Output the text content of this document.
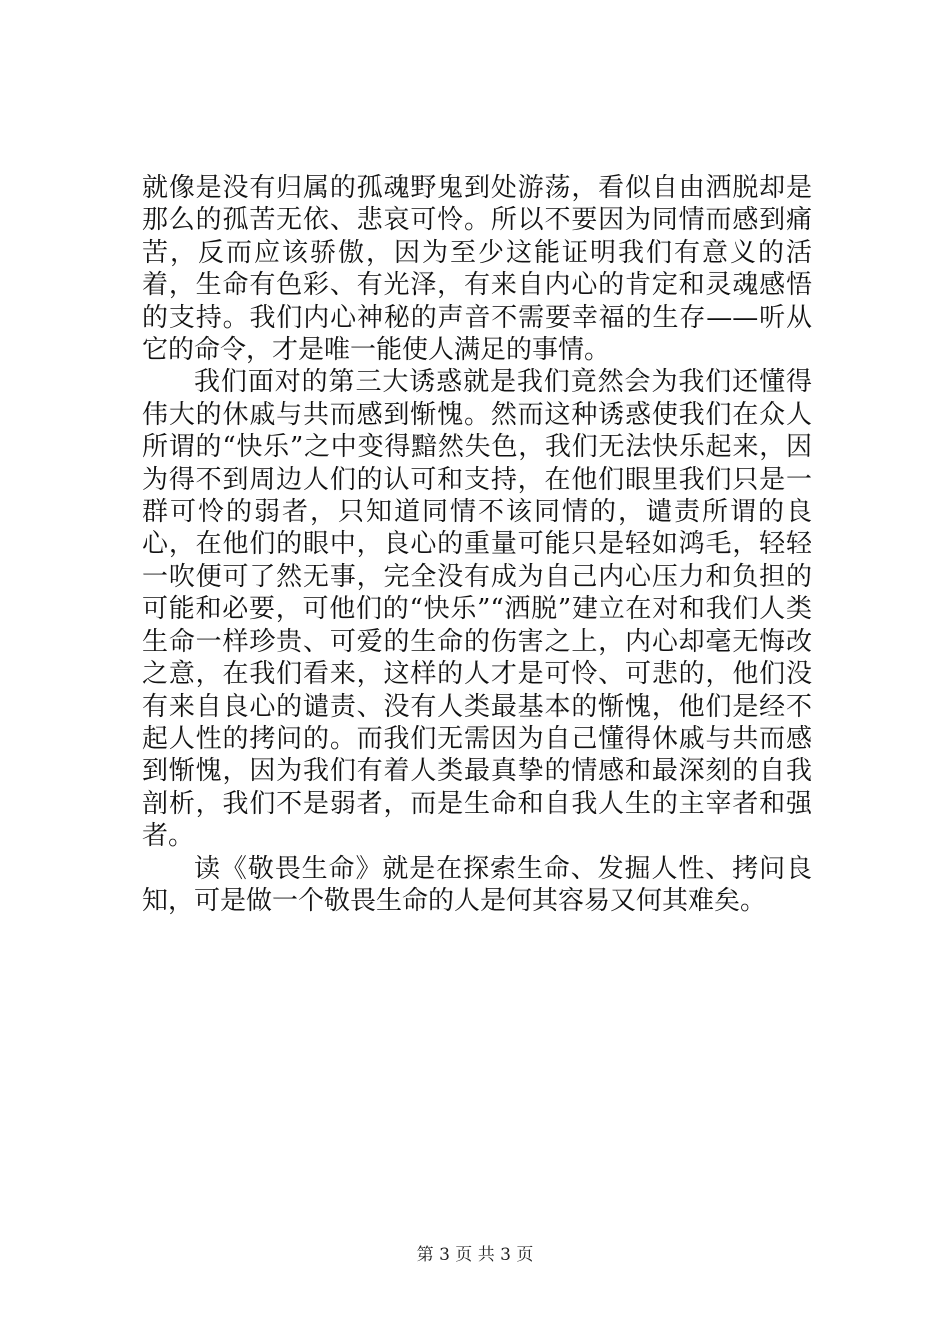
就像是没有归属的孤魂野鬼到处游荡，看似自由洒脱却是那么的孤苦无依、悲哀可怜。所以不要因为同情而感到痛苦，反而应该骄傲，因为至少这能证明我们有意义的活着，生命有色彩、有光泽，有来自内心的肯定和灵魂感悟的支持。我们内心神秘的声音不需要幸福的生存——听从它的命令，才是唯一能使人满足的事情。

我们面对的第三大诱惑就是我们竟然会为我们还懂得伟大的休戚与共而感到惭愧。然而这种诱惑使我们在众人所谓的“快乐”之中变得黯然失色，我们无法快乐起来，因为得不到周边人们的认可和支持，在他们眼里我们只是一群可怜的弱者，只知道同情不该同情的，谴责所谓的良心，在他们的眼中，良心的重量可能只是轻如鸿毛，轻轻一吹便可了然无事，完全没有成为自己内心压力和负担的可能和必要，可他们的“快乐”“洒脱”建立在对和我们人类生命一样珍贵、可爱的生命的伤害之上，内心却毫无悔改之意，在我们看来，这样的人才是可怜、可悲的，他们没有来自良心的谴责、没有人类最基本的惭愧，他们是经不起人性的拷问的。而我们无需因为自己懂得休戚与共而感到惭愧，因为我们有着人类最真挚的情感和最深刻的自我剖析，我们不是弱者，而是生命和自我人生的主宰者和强者。

读《敬畏生命》就是在探索生命、发掘人性、拷问良知，可是做一个敬畏生命的人是何其容易又何其难矣。

第 3 页 共 3 页
